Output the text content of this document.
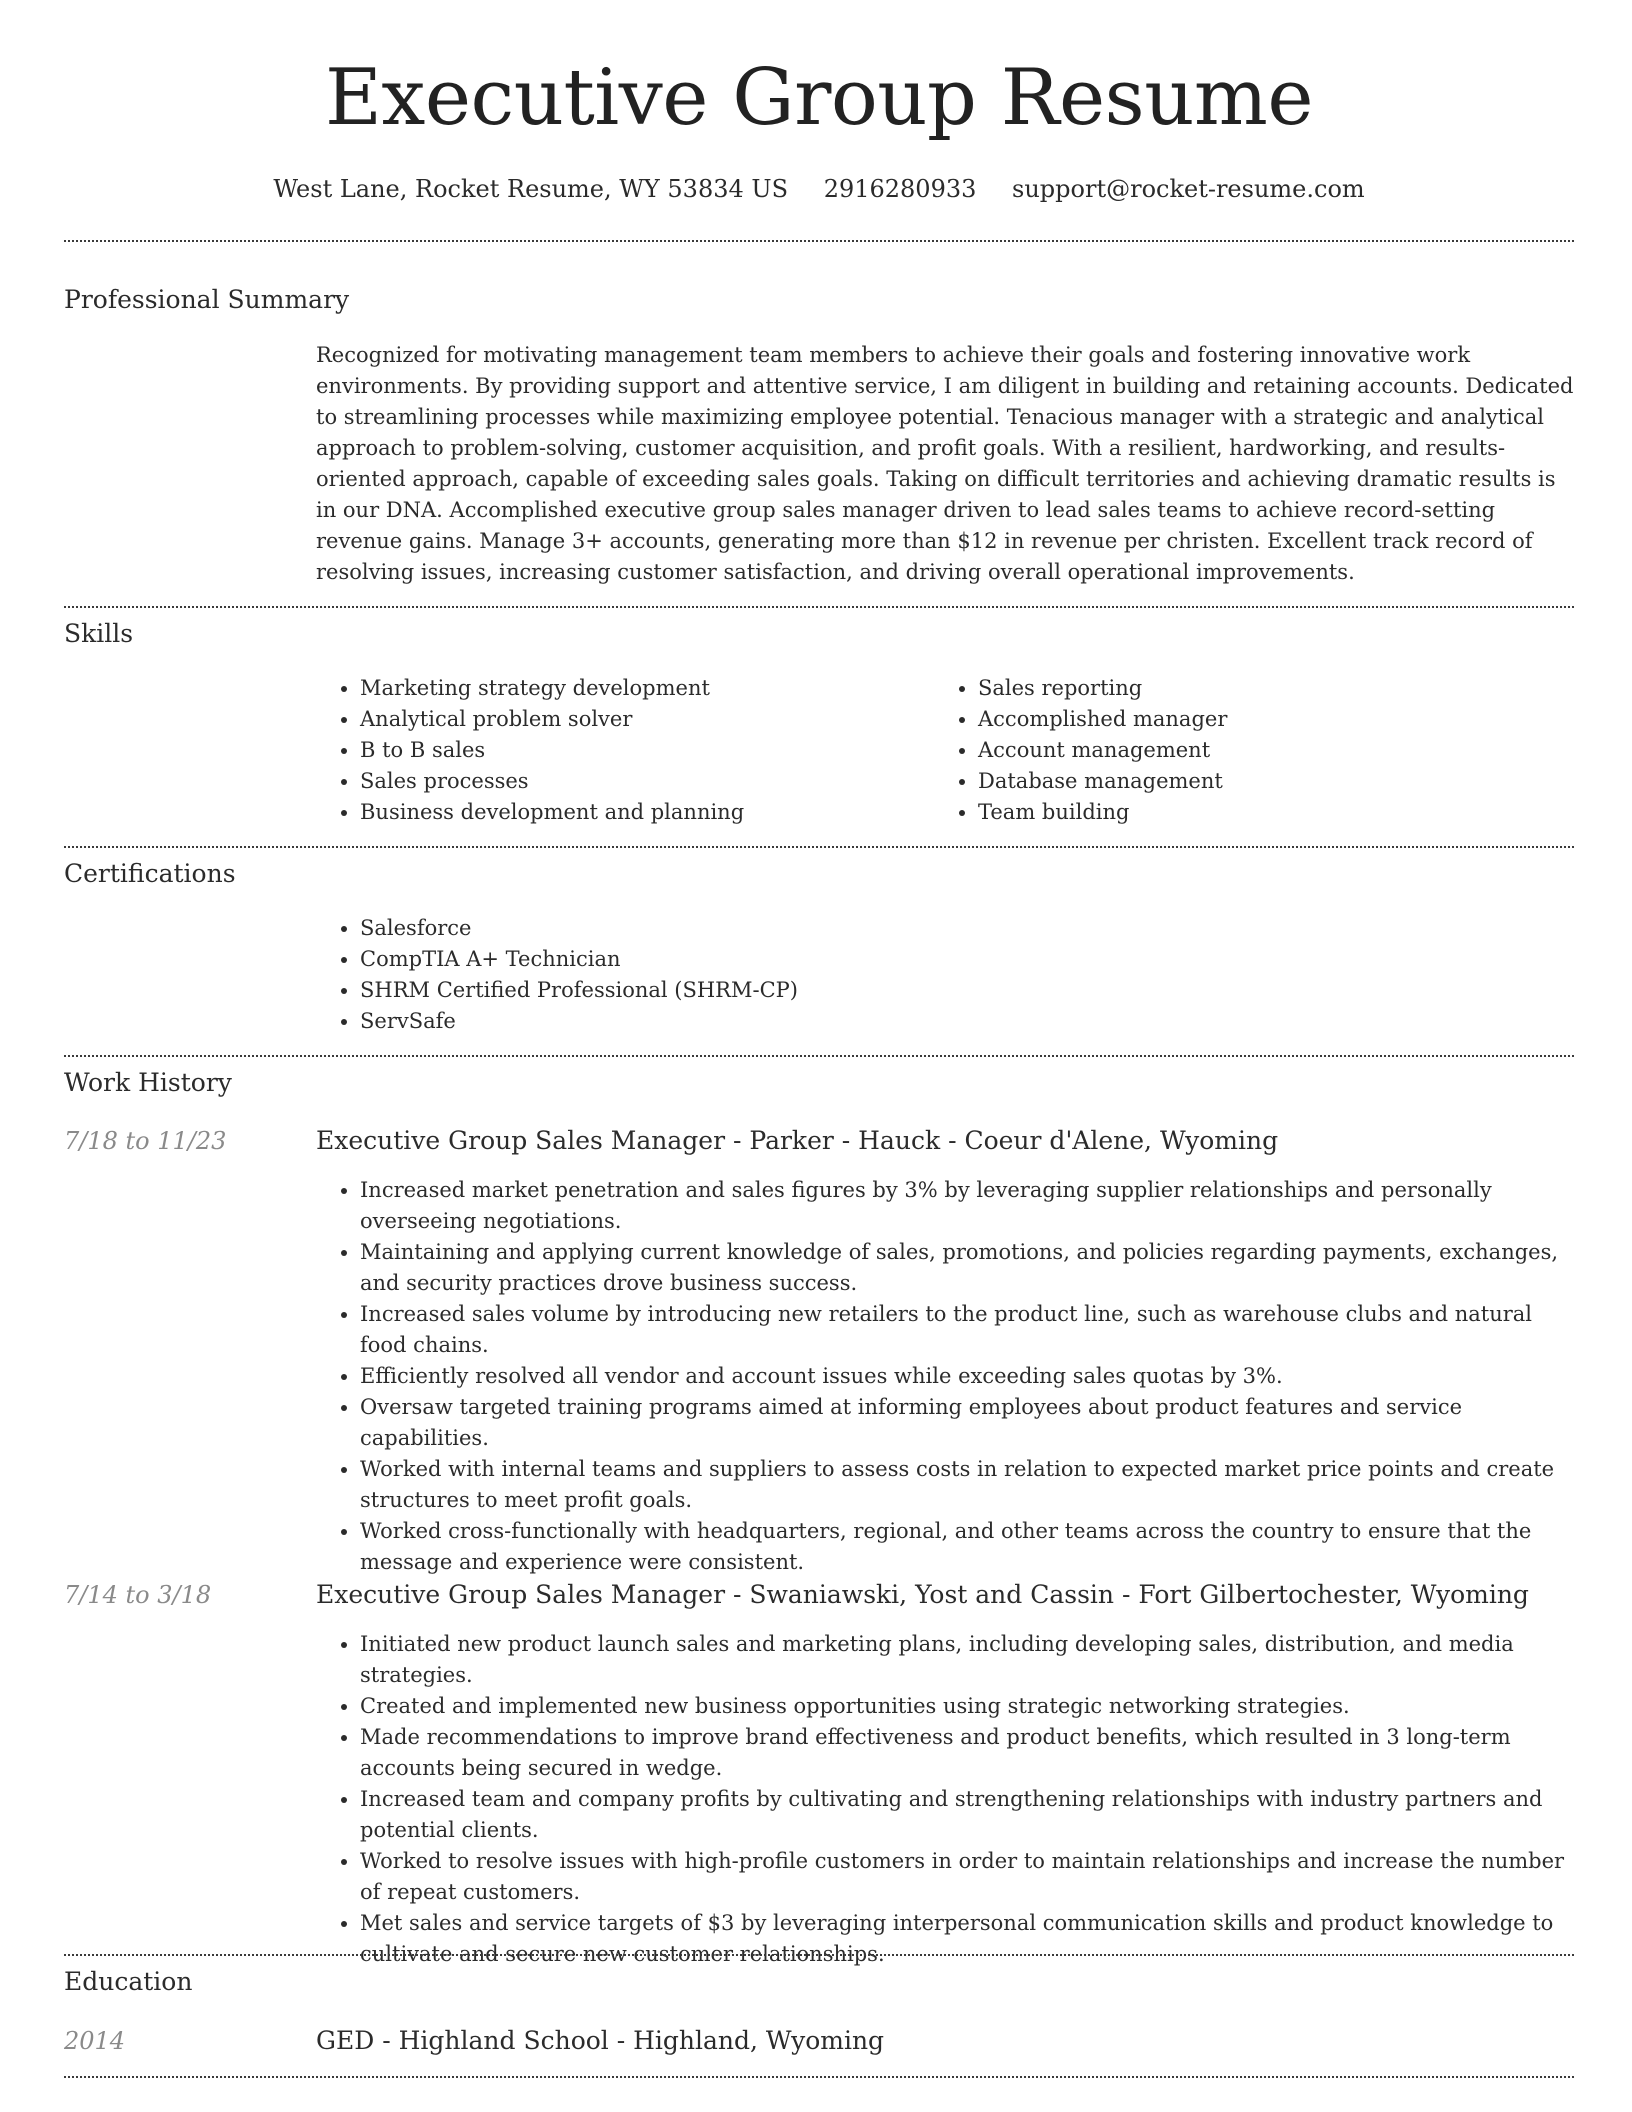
Executive Group Resume
West Lane, Rocket Resume, WY 53834 US 2916280933 support@rocket-resume.com
Professional Summary

Recognized for motivating management team members to achieve their goals and fostering innovative work environments. By providing support and attentive service, I am diligent in building and retaining accounts. Dedicated to streamlining processes while maximizing employee potential. Tenacious manager with a strategic and analytical approach to problem-solving, customer acquisition, and profit goals. With a resilient, hardworking, and results-oriented approach, capable of exceeding sales goals. Taking on difficult territories and achieving dramatic results is in our DNA. Accomplished executive group sales manager driven to lead sales teams to achieve record-setting revenue gains. Manage 3+ accounts, generating more than $12 in revenue per christen. Excellent track record of resolving issues, increasing customer satisfaction, and driving overall operational improvements.

Skills
• Marketing strategy development
• Analytical problem solver
• B to B sales
• Sales processes
• Business development and planning
• Sales reporting
• Accomplished manager
• Account management
• Database management
• Team building
Certifications
• Salesforce
• CompTIA A+ Technician
• SHRM Certified Professional (SHRM-CP)
• ServSafe
Work History
7/18 to 11/23	Executive Group Sales Manager - Parker - Hauck - Coeur d'Alene, Wyoming
• Increased market penetration and sales figures by 3% by leveraging supplier relationships and personally overseeing negotiations.
• Maintaining and applying current knowledge of sales, promotions, and policies regarding payments, exchanges, and security practices drove business success.
• Increased sales volume by introducing new retailers to the product line, such as warehouse clubs and natural food chains.
• Efficiently resolved all vendor and account issues while exceeding sales quotas by 3%.
• Oversaw targeted training programs aimed at informing employees about product features and service capabilities.
• Worked with internal teams and suppliers to assess costs in relation to expected market price points and create structures to meet profit goals.
• Worked cross-functionally with headquarters, regional, and other teams across the country to ensure that the message and experience were consistent.
7/14 to 3/18	Executive Group Sales Manager - Swaniawski, Yost and Cassin - Fort Gilbertochester, Wyoming
• Initiated new product launch sales and marketing plans, including developing sales, distribution, and media strategies.
• Created and implemented new business opportunities using strategic networking strategies.
• Made recommendations to improve brand effectiveness and product benefits, which resulted in 3 long-term accounts being secured in wedge.
• Increased team and company profits by cultivating and strengthening relationships with industry partners and potential clients.
• Worked to resolve issues with high-profile customers in order to maintain relationships and increase the number of repeat customers.
• Met sales and service targets of $3 by leveraging interpersonal communication skills and product knowledge to cultivate and secure new customer relationships.
Education
2014	GED - Highland School - Highland, Wyoming
